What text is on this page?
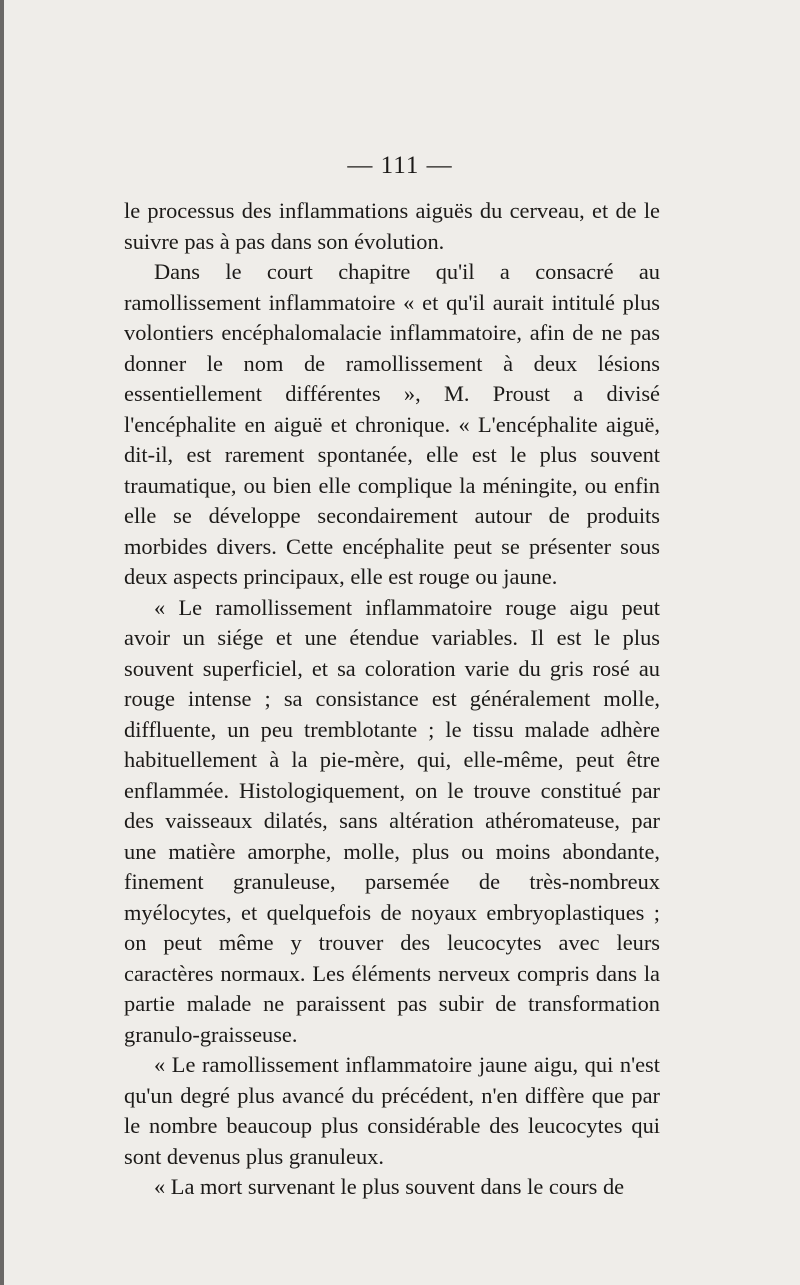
— 111 —

le processus des inflammations aiguës du cerveau, et de le suivre pas à pas dans son évolution.

Dans le court chapitre qu'il a consacré au ramollissement inflammatoire « et qu'il aurait intitulé plus volontiers encéphalomalacie inflammatoire, afin de ne pas donner le nom de ramollissement à deux lésions essentiellement différentes », M. Proust a divisé l'encéphalite en aiguë et chronique. « L'encéphalite aiguë, dit-il, est rarement spontanée, elle est le plus souvent traumatique, ou bien elle complique la méningite, ou enfin elle se développe secondairement autour de produits morbides divers. Cette encéphalite peut se présenter sous deux aspects principaux, elle est rouge ou jaune.

« Le ramollissement inflammatoire rouge aigu peut avoir un siége et une étendue variables. Il est le plus souvent superficiel, et sa coloration varie du gris rosé au rouge intense ; sa consistance est généralement molle, diffluente, un peu tremblotante ; le tissu malade adhère habituellement à la pie-mère, qui, elle-même, peut être enflammée. Histologiquement, on le trouve constitué par des vaisseaux dilatés, sans altération athéromateuse, par une matière amorphe, molle, plus ou moins abondante, finement granuleuse, parsemée de très-nombreux myélocytes, et quelquefois de noyaux embryoplastiques ; on peut même y trouver des leucocytes avec leurs caractères normaux. Les éléments nerveux compris dans la partie malade ne paraissent pas subir de transformation granulo-graisseuse.

« Le ramollissement inflammatoire jaune aigu, qui n'est qu'un degré plus avancé du précédent, n'en diffère que par le nombre beaucoup plus considérable des leucocytes qui sont devenus plus granuleux.

« La mort survenant le plus souvent dans le cours de
